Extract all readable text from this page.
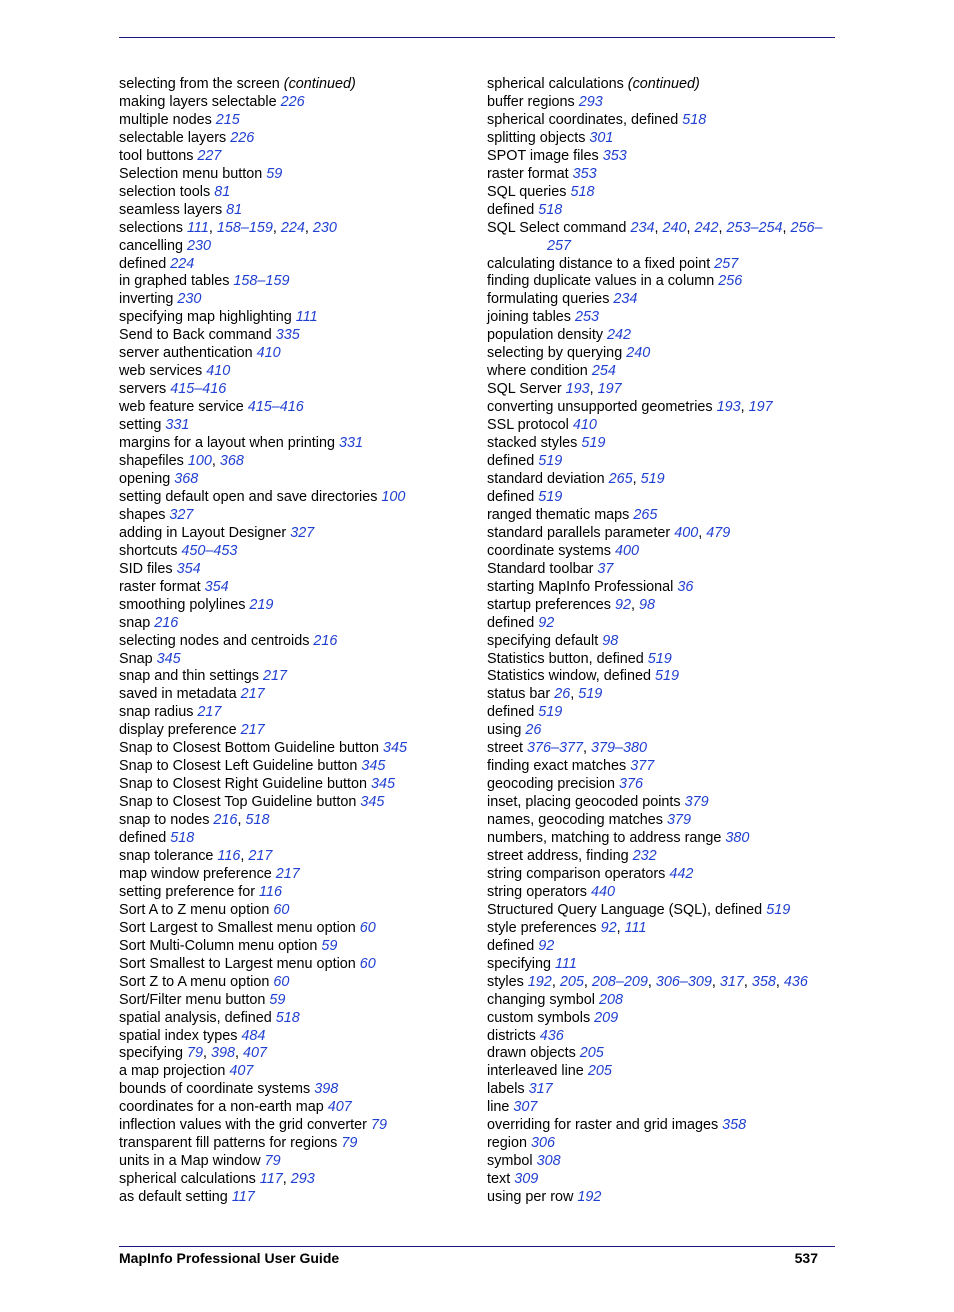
selecting from the screen (continued)
making layers selectable 226
multiple nodes 215
selectable layers 226
tool buttons 227
Selection menu button 59
selection tools 81
seamless layers 81
selections 111, 158–159, 224, 230
cancelling 230
defined 224
in graphed tables 158–159
inverting 230
specifying map highlighting 111
Send to Back command 335
server authentication 410
web services 410
servers 415–416
web feature service 415–416
setting 331
margins for a layout when printing 331
shapefiles 100, 368
opening 368
setting default open and save directories 100
shapes 327
adding in Layout Designer 327
shortcuts 450–453
SID files 354
raster format 354
smoothing polylines 219
snap 216
selecting nodes and centroids 216
Snap 345
snap and thin settings 217
saved in metadata 217
snap radius 217
display preference 217
Snap to Closest Bottom Guideline button 345
Snap to Closest Left Guideline button 345
Snap to Closest Right Guideline button 345
Snap to Closest Top Guideline button 345
snap to nodes 216, 518
defined 518
snap tolerance 116, 217
map window preference 217
setting preference for 116
Sort A to Z menu option 60
Sort Largest to Smallest menu option 60
Sort Multi-Column menu option 59
Sort Smallest to Largest menu option 60
Sort Z to A menu option 60
Sort/Filter menu button 59
spatial analysis, defined 518
spatial index types 484
specifying 79, 398, 407
a map projection 407
bounds of coordinate systems 398
coordinates for a non-earth map 407
inflection values with the grid converter 79
transparent fill patterns for regions 79
units in a Map window 79
spherical calculations 117, 293
as default setting 117
spherical calculations (continued)
buffer regions 293
spherical coordinates, defined 518
splitting objects 301
SPOT image files 353
raster format 353
SQL queries 518
defined 518
SQL Select command 234, 240, 242, 253–254, 256–257
calculating distance to a fixed point 257
finding duplicate values in a column 256
formulating queries 234
joining tables 253
population density 242
selecting by querying 240
where condition 254
SQL Server 193, 197
converting unsupported geometries 193, 197
SSL protocol 410
stacked styles 519
defined 519
standard deviation 265, 519
defined 519
ranged thematic maps 265
standard parallels parameter 400, 479
coordinate systems 400
Standard toolbar 37
starting MapInfo Professional 36
startup preferences 92, 98
defined 92
specifying default 98
Statistics button, defined 519
Statistics window, defined 519
status bar 26, 519
defined 519
using 26
street 376–377, 379–380
finding exact matches 377
geocoding precision 376
inset, placing geocoded points 379
names, geocoding matches 379
numbers, matching to address range 380
street address, finding 232
string comparison operators 442
string operators 440
Structured Query Language (SQL), defined 519
style preferences 92, 111
defined 92
specifying 111
styles 192, 205, 208–209, 306–309, 317, 358, 436
changing symbol 208
custom symbols 209
districts 436
drawn objects 205
interleaved line 205
labels 317
line 307
overriding for raster and grid images 358
region 306
symbol 308
text 309
using per row 192
MapInfo Professional User Guide	537
